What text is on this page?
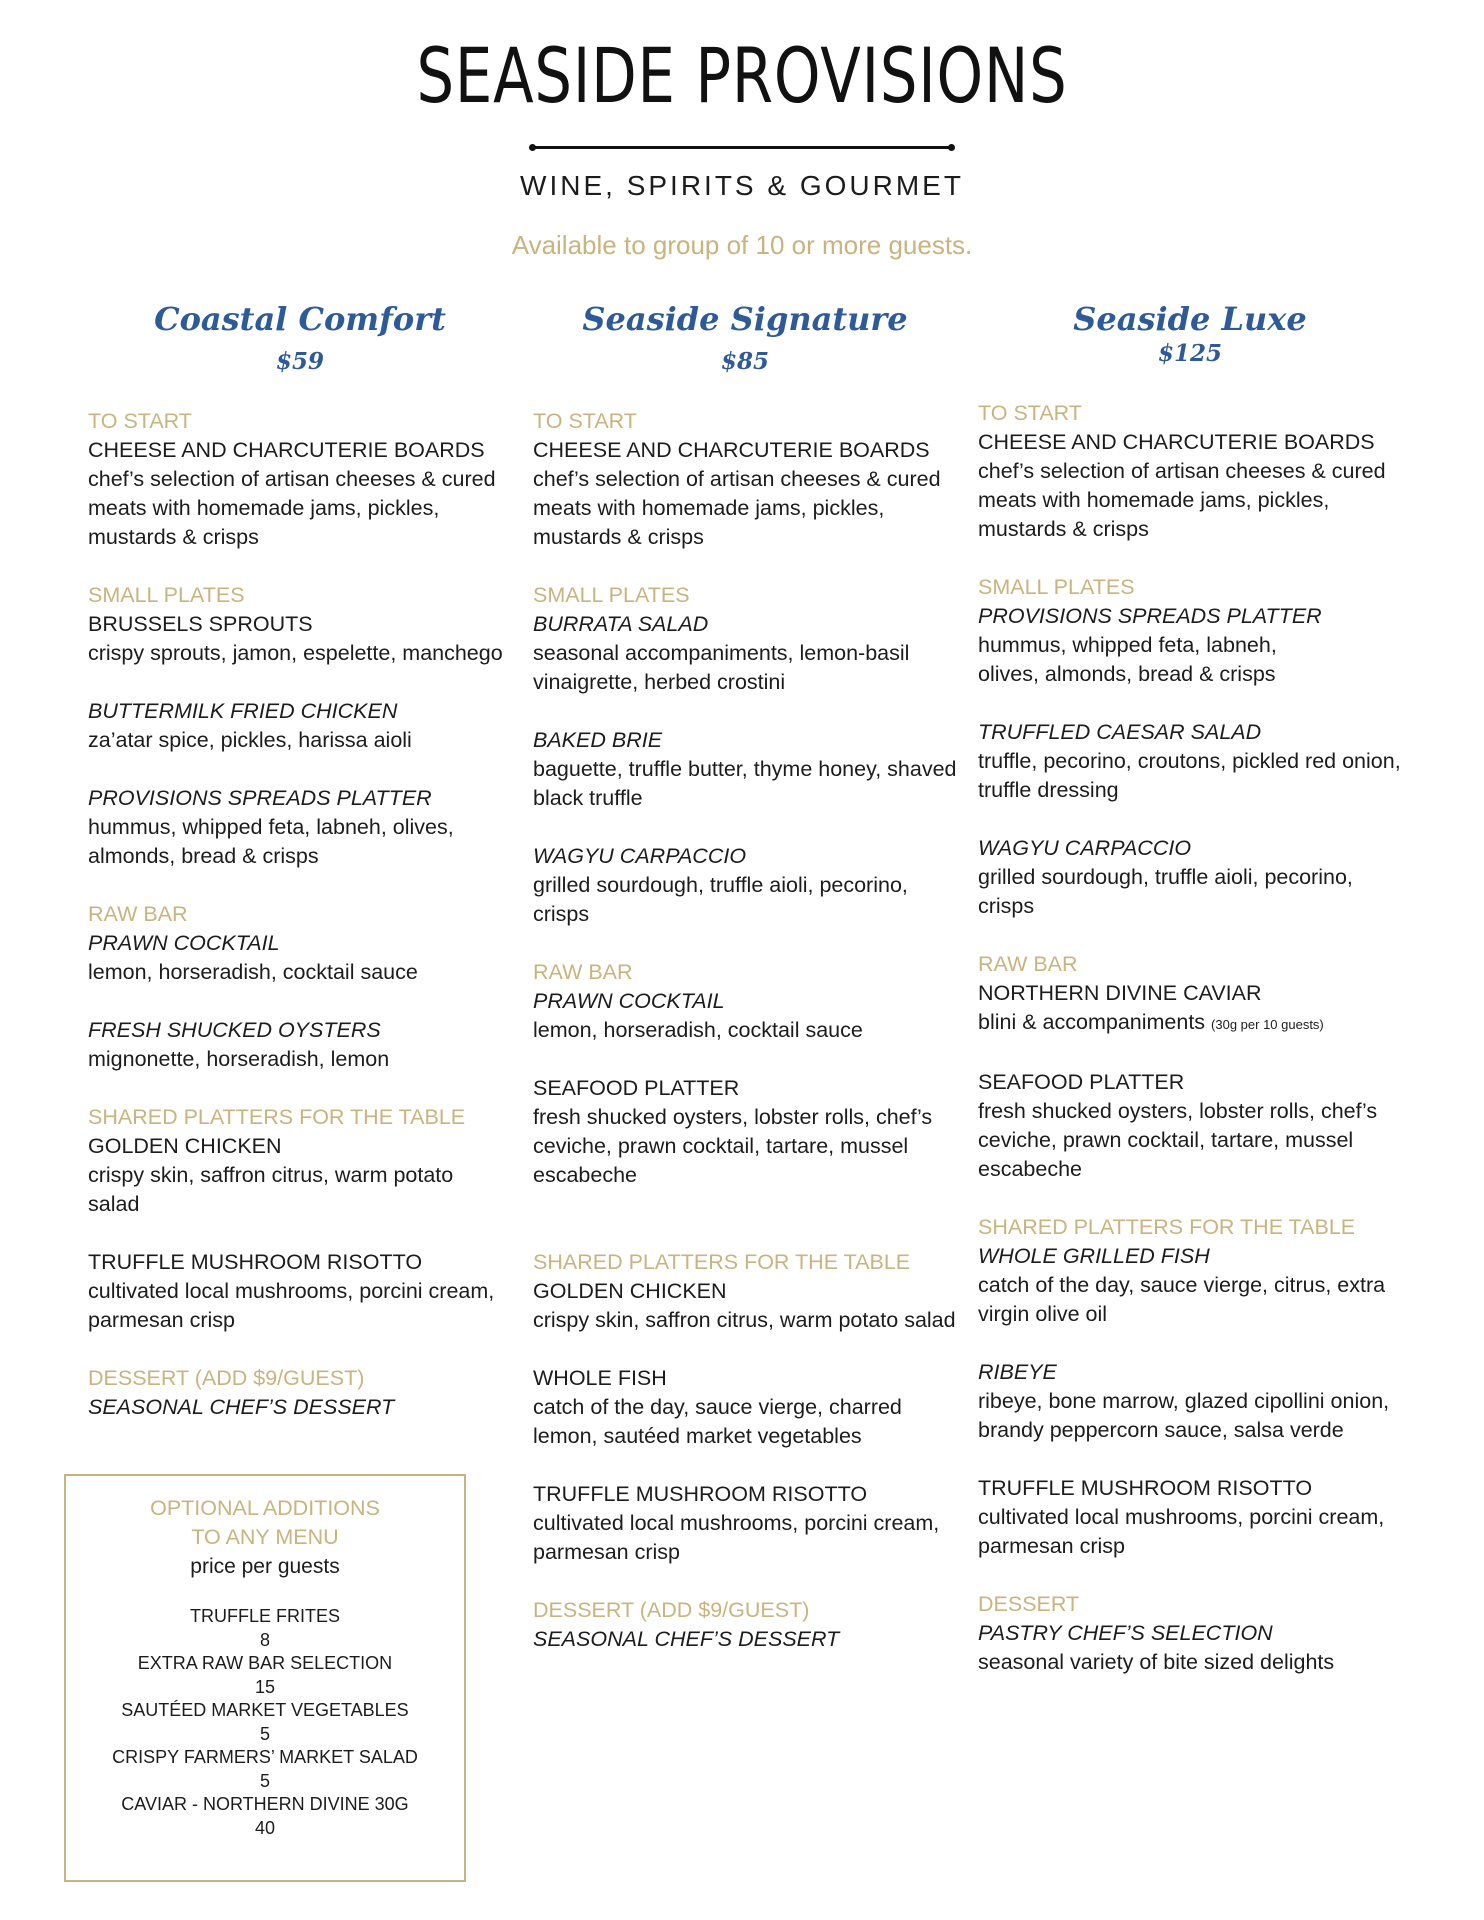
SEASIDE PROVISIONS
WINE, SPIRITS & GOURMET
Available to group of 10 or more guests.
Coastal Comfort
$59
TO START
CHEESE AND CHARCUTERIE BOARDS
chef’s selection of artisan cheeses & cured
meats with homemade jams, pickles,
mustards & crisps
SMALL PLATES
BRUSSELS SPROUTS
crispy sprouts, jamon, espelette, manchego
BUTTERMILK FRIED CHICKEN
za’atar spice, pickles, harissa aioli
PROVISIONS SPREADS PLATTER
hummus, whipped feta, labneh, olives,
almonds, bread & crisps
RAW BAR
PRAWN COCKTAIL
lemon, horseradish, cocktail sauce
FRESH SHUCKED OYSTERS
mignonette, horseradish, lemon
SHARED PLATTERS FOR THE TABLE
GOLDEN CHICKEN
crispy skin, saffron citrus, warm potato salad
TRUFFLE MUSHROOM RISOTTO
cultivated local mushrooms, porcini cream,
parmesan crisp
DESSERT (ADD $9/GUEST)
SEASONAL CHEF’S DESSERT
Seaside Signature
$85
TO START
CHEESE AND CHARCUTERIE BOARDS
chef’s selection of artisan cheeses & cured
meats with homemade jams, pickles,
mustards & crisps
SMALL PLATES
BURRATA SALAD
seasonal accompaniments, lemon-basil
vinaigrette, herbed crostini
BAKED BRIE
baguette, truffle butter, thyme honey, shaved
black truffle
WAGYU CARPACCIO
grilled sourdough, truffle aioli, pecorino,
crisps
RAW BAR
PRAWN COCKTAIL
lemon, horseradish, cocktail sauce
SEAFOOD PLATTER
fresh shucked oysters, lobster rolls, chef’s
ceviche, prawn cocktail, tartare, mussel
escabeche
SHARED PLATTERS FOR THE TABLE
GOLDEN CHICKEN
crispy skin, saffron citrus, warm potato salad
WHOLE FISH
catch of the day, sauce vierge, charred
lemon, sautéed market vegetables
TRUFFLE MUSHROOM RISOTTO
cultivated local mushrooms, porcini cream,
parmesan crisp
DESSERT (ADD $9/GUEST)
SEASONAL CHEF’S DESSERT
Seaside Luxe
$125
TO START
CHEESE AND CHARCUTERIE BOARDS
chef’s selection of artisan cheeses & cured
meats with homemade jams, pickles,
mustards & crisps
SMALL PLATES
PROVISIONS SPREADS PLATTER
hummus, whipped feta, labneh,
olives, almonds, bread & crisps
TRUFFLED CAESAR SALAD
truffle, pecorino, croutons, pickled red onion,
truffle dressing
WAGYU CARPACCIO
grilled sourdough, truffle aioli, pecorino,
crisps
RAW BAR
NORTHERN DIVINE CAVIAR
blini & accompaniments (30g per 10 guests)
SEAFOOD PLATTER
fresh shucked oysters, lobster rolls, chef’s
ceviche, prawn cocktail, tartare, mussel
escabeche
SHARED PLATTERS FOR THE TABLE
WHOLE GRILLED FISH
catch of the day, sauce vierge, citrus, extra
virgin olive oil
RIBEYE
ribeye, bone marrow, glazed cipollini onion,
brandy peppercorn sauce, salsa verde
TRUFFLE MUSHROOM RISOTTO
cultivated local mushrooms, porcini cream,
parmesan crisp
DESSERT
PASTRY CHEF’S SELECTION
seasonal variety of bite sized delights
OPTIONAL ADDITIONS
TO ANY MENU
price per guests
TRUFFLE FRITES
8
EXTRA RAW BAR SELECTION
15
SAUTÉED MARKET VEGETABLES
5
CRISPY FARMERS’ MARKET SALAD
5
CAVIAR - NORTHERN DIVINE 30G
40
